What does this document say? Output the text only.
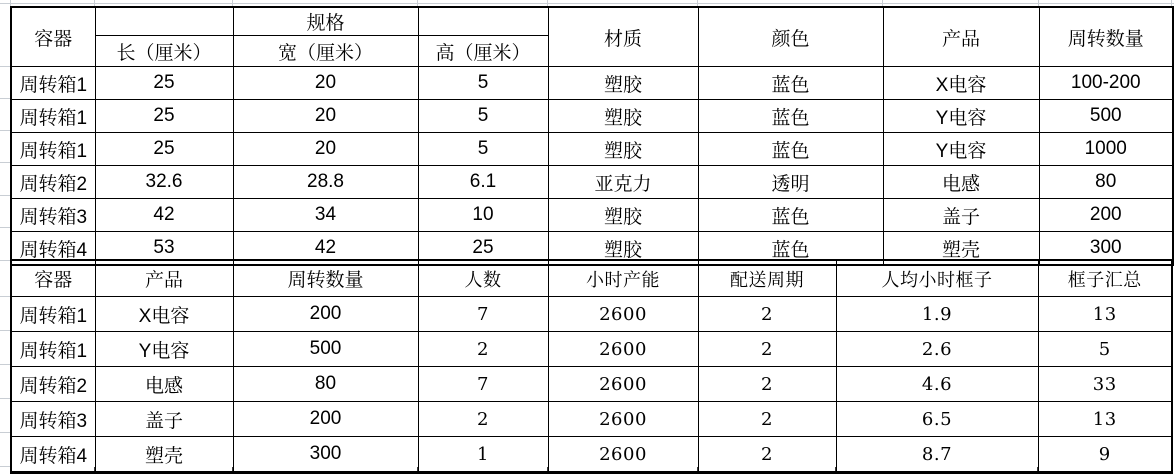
容器		规格		材质	颜色	产品	周转数量
	长（厘米）	宽（厘米）	高（厘米）				
周转箱1	25	20	5	塑胶	蓝色	X电容	100-200
周转箱1	25	20	5	塑胶	蓝色	Y电容	500
周转箱1	25	20	5	塑胶	蓝色	Y电容	1000
周转箱2	32.6	28.8	6.1	亚克力	透明	电感	80
周转箱3	42	34	10	塑胶	蓝色	盖子	200
周转箱4	53	42	25	塑胶	蓝色	塑壳	300
容器	产品	周转数量	人数	小时产能	配送周期	人均小时框子	框子汇总
周转箱1	X电容	200	7	2600	2	1.9	13
周转箱1	Y电容	500	2	2600	2	2.6	5
周转箱2	电感	80	7	2600	2	4.6	33
周转箱3	盖子	200	2	2600	2	6.5	13
周转箱4	塑壳	300	1	2600	2	8.7	9
